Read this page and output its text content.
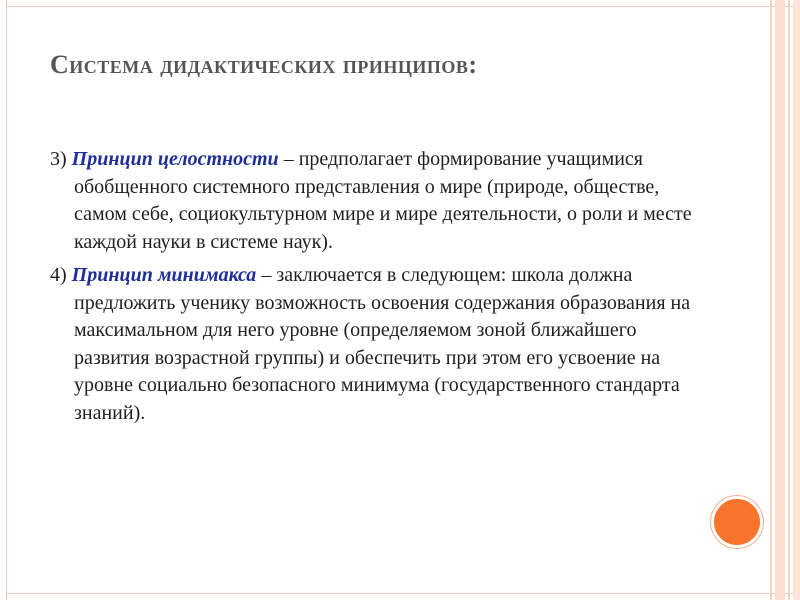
Система дидактических принципов:

3) Принцип целостности – предполагает формирование учащимися обобщенного системного представления о мире (природе, обществе, самом себе, социокультурном мире и мире деятельности, о роли и месте каждой науки в системе наук).

4) Принцип минимакса – заключается в следующем: школа должна предложить ученику возможность освоения содержания образования на максимальном для него уровне (определяемом зоной ближайшего развития возрастной группы) и обеспечить при этом его усвоение на уровне социально безопасного минимума (государственного стандарта знаний).
